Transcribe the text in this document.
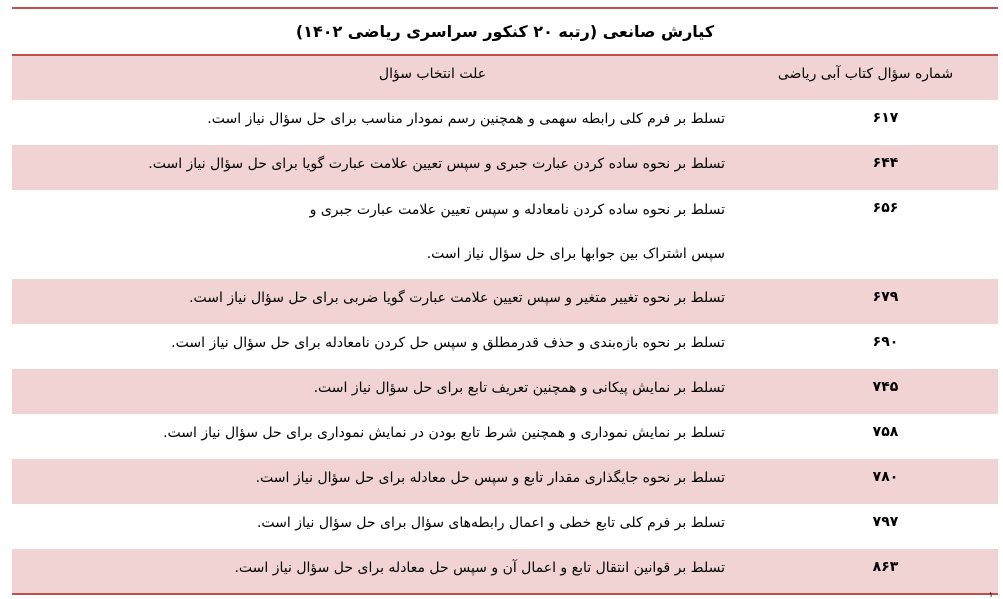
کیارش صانعی (رتبه ۲۰ کنکور سراسری ریاضی ۱۴۰۲)
شماره سؤال کتاب آبی ریاضی	علت انتخاب سؤال
۶۱۷	تسلط بر فرم کلی رابطه سهمی و همچنین رسم نمودار مناسب برای حل سؤال نیاز است.

۶۴۴	تسلط بر نحوه ساده کردن عبارت جبری و سپس تعیین علامت عبارت گویا برای حل سؤال نیاز است.

۶۵۶	تسلط بر نحوه ساده کردن نامعادله و سپس تعیین علامت عبارت جبری و سپس اشتراک بین جوابها برای حل سؤال نیاز است.

۶۷۹	تسلط بر نحوه تغییر متغیر و سپس تعیین علامت عبارت گویا ضربی برای حل سؤال نیاز است.

۶۹۰	تسلط بر نحوه بازه‌بندی و حذف قدرمطلق و سپس حل کردن نامعادله برای حل سؤال نیاز است.

۷۴۵	تسلط بر نمایش پیکانی و همچنین تعریف تابع برای حل سؤال نیاز است.

۷۵۸	تسلط بر نمایش نموداری و همچنین شرط تابع بودن در نمایش نموداری برای حل سؤال نیاز است.

۷۸۰	تسلط بر نحوه جایگذاری مقدار تابع و سپس حل معادله برای حل سؤال نیاز است.

۷۹۷	تسلط بر فرم کلی تابع خطی و اعمال رابطه‌های سؤال برای حل سؤال نیاز است.

۸۶۳	تسلط بر قوانین انتقال تابع و اعمال آن و سپس حل معادله برای حل سؤال نیاز است.
۱
